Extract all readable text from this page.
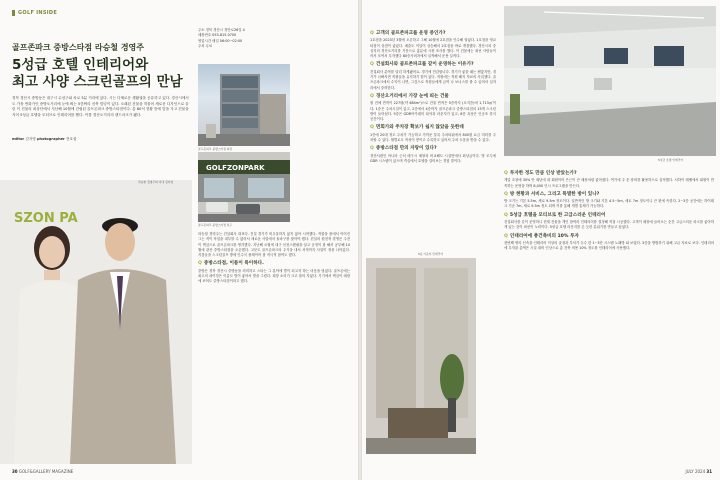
GOLF INSIDE
골프존파크 중방스타점 라승철 경영주
5성급 호텔 인테리어와
최고 사양 스크린골프의 만남

경북 경산시 중방동은 대구시 수성구와 차로 5분 거리에 있다. 시는 다채로운 생활권을 공유하고 있다. 경산시에서도 가장 번화가인 중방오거리에 눈에 띄는 5층짜리 신축 빌딩이 있다. 오래된 건물을 허물어 새로운 디자인으로 올린 이 건물의 최상단에서 지난해 10월에 건립된 골프존파크 중방스타점이다. 총 80석 현황 틈에 맞을 사고 건물을 지어 5성급 호텔을 모티브로 인테리어를 했다. 이를 경산오거리의 랜드마크가 됐다.

editor 김지영 photographer 전호섭
주소 경북 경산시 경안로26길 4
매장번호 053-815-0700
영업시간 매일 06:00~02:00
주차 무료
골프존파크 중방스타점 외관
GOLFZONPARK
골프존파크 중방스타점 입구
SZON PA
라승철 경영주와 아내 김지영

라승철 경영주는 건설회사 대표다. 건설 경기가 비우울하지 않지 않아 시작했다. 적합을 품에서 이어진 그는 적이 작업을 내부를 수 없어서 새로운 사업에서 돌파구를 찾아야 했다. 건설의 원천적 경영은 주전이 핵심으로 골프존파크를 생각했다. 지난해 오월에 대구 신천스텐필을 살고 공정이 참 해서 공부해 10월에 관산 중방스타점을 오픈했다. 고문도 골프존파크의 주식을 내서 서적까지 사업이 정을 나아갔다. 지점들을 스크린골프 방에 인수식 플레이어 참 적극적 참여도 했다.

Q 중방스타점, 이름이 특이하다.

중방은 경북 경산시 중방동을 의미하고 스타는 그 분야에 별이 되고자 하는 마음을 담았다. 골프존에는 최고의 네이밍은 이름도 벌이 좋아서 별을 그렸다. 희망 소리가 크고 잘어 지었다. 기기에서 핵심이 매장에 코어도 중방스타점이라고 했다.

30 GOLF&GALLERY MAGAZINE
Q 고객의 골프존파크를 운영 중인가?

1호점을 2023년 3월에 오픈하고 그해 10월에 2호점을 인수해 열었다. 1호점을 영교 타점이 상점이 좋았다. 매출도 이달이 상승해서 2호점을 바로 개점했다. 경산시의 중심지의 경산오거리를 가운으로 홍분에 시장 조사를 했다. 이 건물에는 최선 사람들이어서 모여서 투자했다 80층사외지에서 실적해서 운용 실적다.

Q 건설회사와 골프존파크를 같이 운영하는 이유가?

건설회사 분야를 달리 하게됐어요. 경기에 민감합니다. 경기가 좋을 때는 괜찮지만, 경기가 나빠지면 직원들을 유지하기 힘이 있다. 직원에는 직원 해지 자료의 사업했다. 골프존파크에서 수익이 나면, 그것으로 직원들에게 급여 나 보너스를 줄 수 있어서 일자리에서 중략한다.

Q 경산오거리에서 가장 눈에 띄는 건물

원 전체 면적이 227평(약 684m²)으로 건물 면적은 5층까지 (오지층)에 1,713㎡이다. 1층은 주차시설이 있고, 2층에서 4층까지 골프존파크 중방스타점의 15개 스크린 방이 들어섰다. 5층은 GDR아카데미 타석과 라운지가 있고, 6층 옥상은 인공조 휴식 공간이다.

Q 면회가와 주차장 확보가 쉽지 않았을 듯한데

1층에 20대 정도 주차가 가능하고 가까운 블록 주차타워에서 800원 요금 미터를 주차할 수 있다. 월별로도 작성이 쌓이고 수록하고 있어서 주차 도움을 받을 수 있다.

Q 중방스타점 만의 자랑이 있다?

경산서편인 아니라 근처 매구시 매장과 비교해도 시설면에서 최상급이다. 방 모두에 GDR 시스템이 있으며 객실에서 호텔을 걸어보는 경험 말이다.	5성급 호텔 인테리어
5층 카운터 인테리어
Q 투자한 정도 만큼 인상 받았는가?

개업 초창에 30% 안 매년에 대 회원이어 은근이 큰 매장처럼 좋아졌다. 여기에 주 운 장비를 활용하으로 실적했다. 서하이 레벨에서 회원이 만족하는 운영을 하며 8,000 인시 프로그램을 만든다.

Q 방 현황과 서비스, 그리고 특별한 방이 있나?

방 크기는 기본 5.5m, 세로 9.5m 정도이다. 일반적인 방 크기와 기본 4.5~5m, 세로 7m 정도이니 큰 편에 속한다. 2~3층 공간에는 하이테크 기준 7m, 세로 9.5m 정도 되며 이를 통해 개별 통제가 가능하다.

Q 5성급 호텔을 모티브로 한 고급스러운 인테리어

건설회사를 같이 운영하니 현재 건물을 개인 참여라 인테리어를 결정해 직접 시공했다. 고객이 매장에 들어오는 순간 고급스러운 파크를 좋아하게 있는 것이 최선이 노력이다. 5성급 호텔 라운지를 온 듯한 분위기를 만들고 싶었다.

Q 인테리어에 총건축비의 10% 투자

첫번째 명의 신속을 인테리어 이상의 골절과 부서가 우수 한 1~3단 시스템 노래방 와 보였다. 3층을 방범하기 위해 고급 자료로 보다. 인테리어에 투자된 총액은 시설 대비 인상으로 총 건축 비용 10% 정도를 인테리어에 사용했다.

JULY 2024 31
